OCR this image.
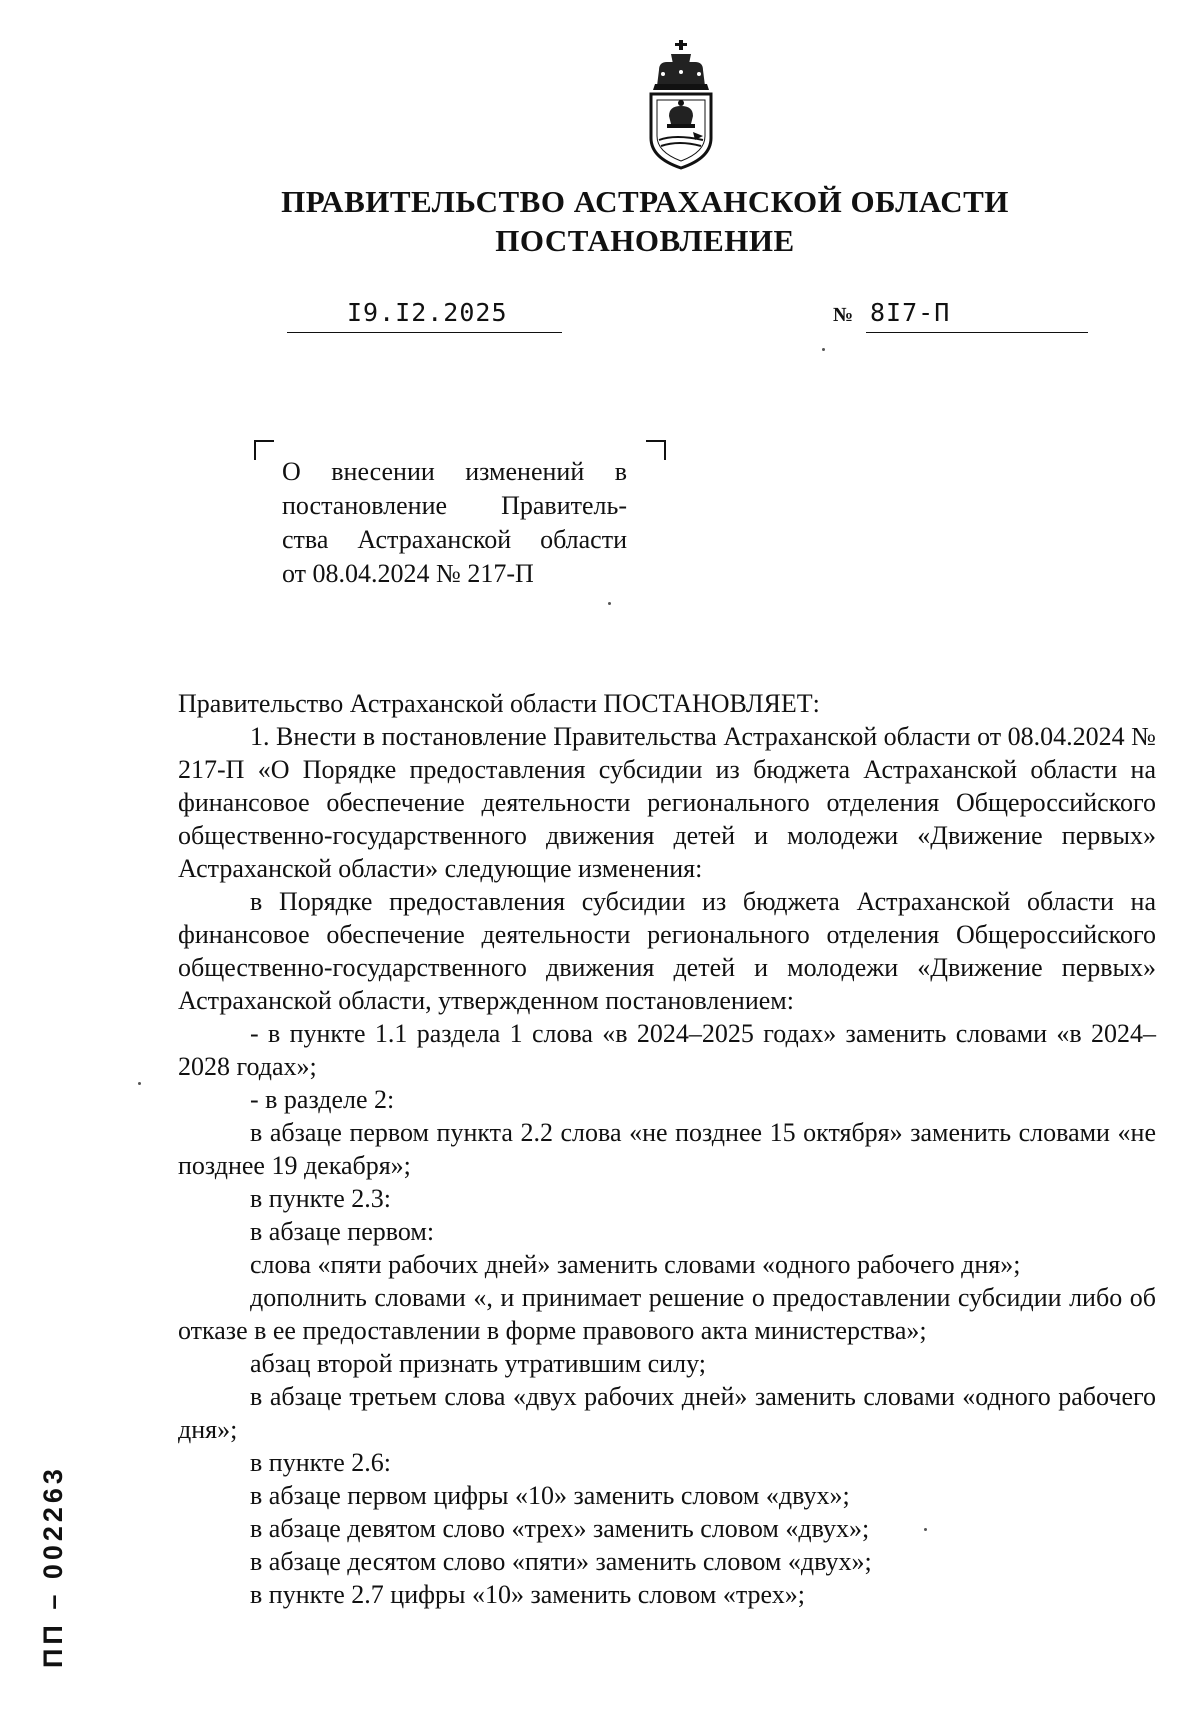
ПРАВИТЕЛЬСТВО АСТРАХАНСКОЙ ОБЛАСТИ
ПОСТАНОВЛЕНИЕ
I9.I2.2025	№ 8I7-П
О внесении изменений в
постановление Правитель-
ства Астраханской области
от 08.04.2024 № 217-П

Правительство Астраханской области ПОСТАНОВЛЯЕТ:

1. Внести в постановление Правительства Астраханской области от 08.04.2024 № 217-П «О Порядке предоставления субсидии из бюджета Астраханской области на финансовое обеспечение деятельности регионального отделения Общероссийского общественно-государственного движения детей и молодежи «Движение первых» Астраханской области» следующие изменения:

в Порядке предоставления субсидии из бюджета Астраханской области на финансовое обеспечение деятельности регионального отделения Общероссийского общественно-государственного движения детей и молодежи «Движение первых» Астраханской области, утвержденном постановлением:

- в пункте 1.1 раздела 1 слова «в 2024–2025 годах» заменить словами «в 2024–2028 годах»;

- в разделе 2:

в абзаце первом пункта 2.2 слова «не позднее 15 октября» заменить словами «не позднее 19 декабря»;

в пункте 2.3:

в абзаце первом:

слова «пяти рабочих дней» заменить словами «одного рабочего дня»;

дополнить словами «, и принимает решение о предоставлении субсидии либо об отказе в ее предоставлении в форме правового акта министерства»;

абзац второй признать утратившим силу;

в абзаце третьем слова «двух рабочих дней» заменить словами «одного рабочего дня»;

в пункте 2.6:

в абзаце первом цифры «10» заменить словом «двух»;

в абзаце девятом слово «трех» заменить словом «двух»;

в абзаце десятом слово «пяти» заменить словом «двух»;

в пункте 2.7 цифры «10» заменить словом «трех»;

ПП – 002263
